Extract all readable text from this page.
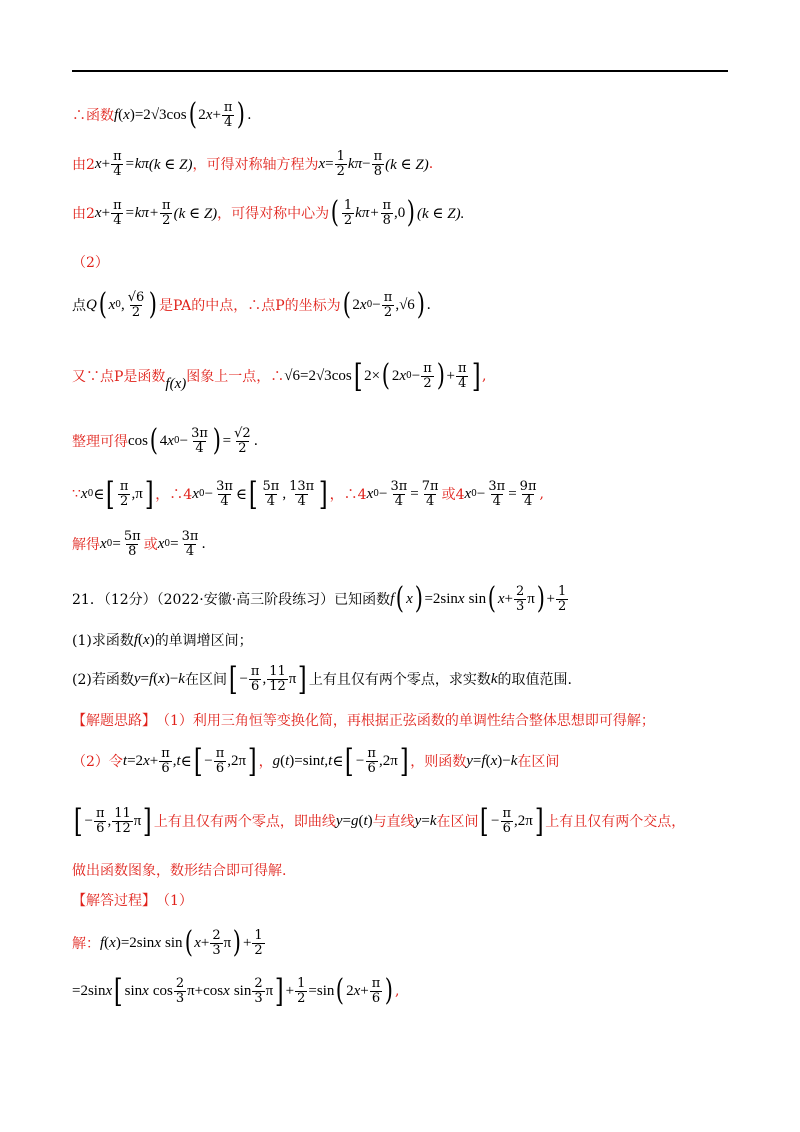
∴函数 f ( x ) =2 √3 cos ( 2 $x + \frac{\pi}{4}$ ) .
由2 $x + \frac{\pi}{4} =k\pi$ (k ∈ Z) ，可得对称轴方程为 $x = \frac{1}{2}$ $k\pi - \frac{\pi}{8} (k$ ∈ Z) .
由2 $x + \frac{\pi}{4} =k\pi+ \frac{\pi}{2} (k$ ∈ Z) ，可得对称中心为 ( $\frac{1}{2} k\pi+ \frac{\pi}{8} ,0$ ) (k ∈ Z).
（2）
点 Q ( x 0 , $\frac{√6}{2}$ ) 是PA的中点，∴点P的坐标为 ( 2 x $0 - \frac{\pi}{2} ,√6$ ) .
又∵点P是函数 f(x) 图象上一点，∴ √6 =2 √3 cos [ 2× ( 2 x $0 - \frac{\pi}{2}$ ) + $\frac{\pi}{4}$ ] ,
整理可得 cos ( 4 x $0 - \frac{3\pi}{4}$ ) = $\frac{√2}{2}$ .
∵ x 0 ∈ [ $\frac{\pi}{2} ,\pi$ ] ，∴4 x $0 - \frac{3\pi}{4}$ ∈ [ $\frac{5\pi}{4}$ , $\frac{13\pi}{4}$ ] ，∴4 x $0 - \frac{3\pi}{4} = \frac{7\pi}{4}$ 或4 x $0 - \frac{3\pi}{4} = \frac{9\pi}{4}$ ,
解得 x $0 = \frac{5\pi}{8}$ 或 x $0 = \frac{3\pi}{4}$ .
21．（12分）（2022·安徽·高三阶段练习）已知函数 f ( x ) =2sin x sin ( $x + \frac{2}{3}$ π ) + $\frac{1}{2}$
(1)求函数 f ( x ) 的单调增区间；
(2)若函数 y = f ( x ) − k 在区间 [ − $\frac{\pi}{6}$ , $\frac{11}{12}$ π ] 上有且仅有两个零点，求实数 k 的取值范围.
【解题思路】 （1）利用三角恒等变换化简，再根据正弦函数的单调性结合整体思想即可得解；
（2）令 t =2 $x + \frac{\pi}{6}$ , t ∈ [ − $\frac{\pi}{6} ,2\pi$ ] ， g ( t ) =sin t , t ∈ [ − $\frac{\pi}{6} ,2\pi$ ] ，则函数 y = f ( x ) − k 在区间
[ − $\frac{\pi}{6}$ , $\frac{11}{12}$ π ] 上有且仅有两个零点，即曲线 y = g ( t ) 与直线 y = k 在区间 [ − $\frac{\pi}{6} ,2\pi$ ] 上有且仅有两个交点，
做出函数图象，数形结合即可得解.
【解答过程】 （1）
解： f ( x ) =2sin x sin ( $x + \frac{2}{3}$ π ) + $\frac{1}{2}$
=2sin x [ sin x $\cos \frac{2}{3}$ π +cos x $\sin \frac{2}{3}$ π ] + $\frac{1}{2} =\sin$ ( 2 $x + \frac{\pi}{6}$ ) ,
